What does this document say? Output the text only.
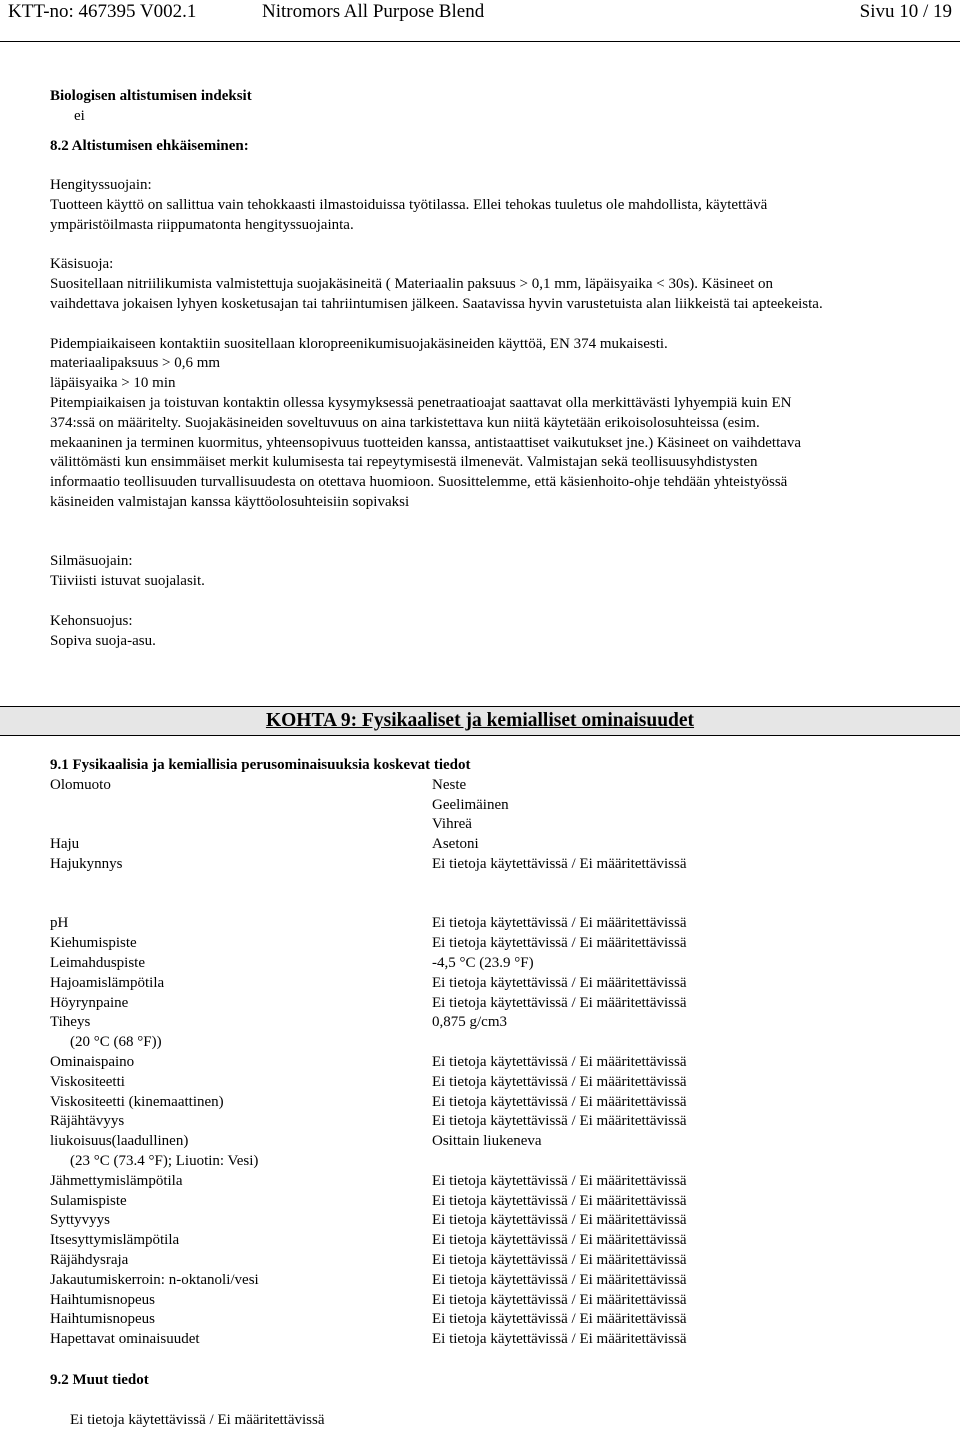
KTT-no: 467395 V002.1	Nitromors All Purpose Blend	Sivu 10 / 19
Biologisen altistumisen indeksit
ei
8.2 Altistumisen ehkäiseminen:
Hengityssuojain:
Tuotteen käyttö on sallittua vain tehokkaasti ilmastoiduissa työtilassa. Ellei tehokas tuuletus ole mahdollista, käytettävä
ympäristöilmasta riippumatonta hengityssuojainta.
Käsisuoja:
Suositellaan nitriilikumista valmistettuja suojakäsineitä ( Materiaalin paksuus > 0,1 mm, läpäisyaika < 30s). Käsineet on
vaihdettava jokaisen lyhyen kosketusajan tai tahriintumisen jälkeen. Saatavissa hyvin varustetuista alan liikkeistä tai apteekeista.
Pidempiaikaiseen kontaktiin suositellaan kloropreenikumisuojakäsineiden käyttöä, EN 374 mukaisesti.
materiaalipaksuus > 0,6 mm
läpäisyaika > 10 min
Pitempiaikaisen ja toistuvan kontaktin ollessa kysymyksessä penetraatioajat saattavat olla merkittävästi lyhyempiä kuin EN
374:ssä on määritelty. Suojakäsineiden soveltuvuus on aina tarkistettava kun niitä käytetään erikoisolosuhteissa (esim.
mekaaninen ja terminen kuormitus, yhteensopivuus tuotteiden kanssa, antistaattiset vaikutukset jne.) Käsineet on vaihdettava
välittömästi kun ensimmäiset merkit kulumisesta tai repeytymisestä ilmenevät. Valmistajan sekä teollisuusyhdistysten
informaatio teollisuuden turvallisuudesta on otettava huomioon. Suosittelemme, että käsienhoito-ohje tehdään yhteistyössä
käsineiden valmistajan kanssa käyttöolosuhteisiin sopivaksi
Silmäsuojain:
Tiiviisti istuvat suojalasit.
Kehonsuojus:
Sopiva suoja-asu.
KOHTA 9: Fysikaaliset ja kemialliset ominaisuudet
9.1 Fysikaalisia ja kemiallisia perusominaisuuksia koskevat tiedot
Olomuoto	Neste
Geelimäinen
Vihreä
Haju	Asetoni
Hajukynnys	Ei tietoja käytettävissä / Ei määritettävissä
pH	Ei tietoja käytettävissä / Ei määritettävissä
Kiehumispiste	Ei tietoja käytettävissä / Ei määritettävissä
Leimahduspiste	-4,5 °C (23.9 °F)
Hajoamislämpötila	Ei tietoja käytettävissä / Ei määritettävissä
Höyrynpaine	Ei tietoja käytettävissä / Ei määritettävissä
Tiheys	0,875 g/cm3
(20 °C (68 °F))
Ominaispaino	Ei tietoja käytettävissä / Ei määritettävissä
Viskositeetti	Ei tietoja käytettävissä / Ei määritettävissä
Viskositeetti (kinemaattinen)	Ei tietoja käytettävissä / Ei määritettävissä
Räjähtävyys	Ei tietoja käytettävissä / Ei määritettävissä
liukoisuus(laadullinen)	Osittain liukeneva
(23 °C (73.4 °F); Liuotin: Vesi)
Jähmettymislämpötila	Ei tietoja käytettävissä / Ei määritettävissä
Sulamispiste	Ei tietoja käytettävissä / Ei määritettävissä
Syttyvyys	Ei tietoja käytettävissä / Ei määritettävissä
Itsesyttymislämpötila	Ei tietoja käytettävissä / Ei määritettävissä
Räjähdysraja	Ei tietoja käytettävissä / Ei määritettävissä
Jakautumiskerroin: n-oktanoli/vesi	Ei tietoja käytettävissä / Ei määritettävissä
Haihtumisnopeus	Ei tietoja käytettävissä / Ei määritettävissä
Haihtumisnopeus	Ei tietoja käytettävissä / Ei määritettävissä
Hapettavat ominaisuudet	Ei tietoja käytettävissä / Ei määritettävissä
9.2 Muut tiedot
Ei tietoja käytettävissä / Ei määritettävissä
